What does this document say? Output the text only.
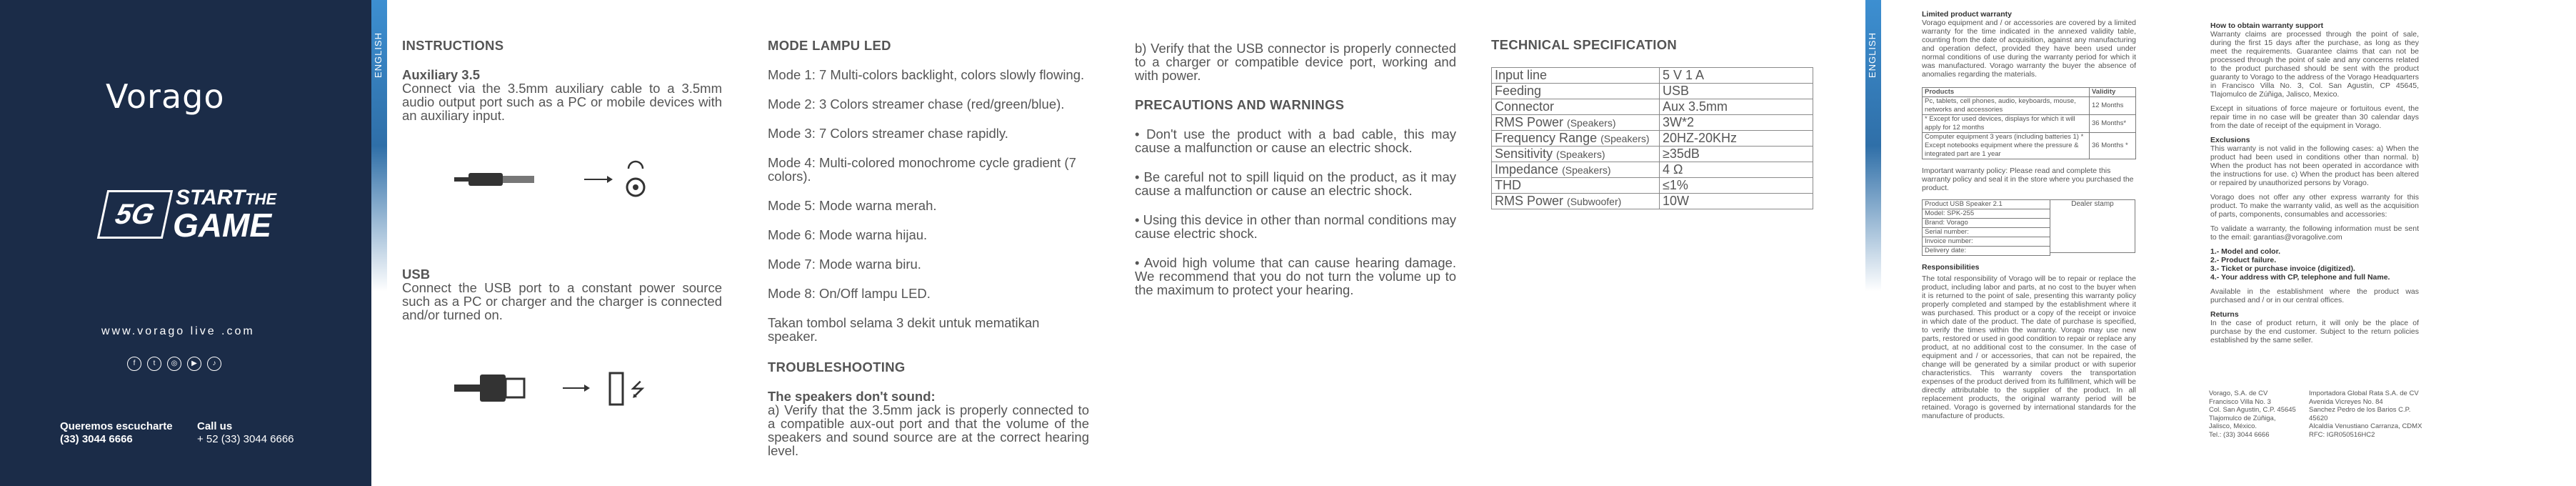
Vorago
5G
STARTTHE
GAME
www.vorago live .com
f	t	◎	▶	♪
Queremos escucharte
(33) 3044 6666
Call us
+ 52 (33) 3044 6666
ENGLISH INSTRUCTIONS
Auxiliary 3.5
Connect via the 3.5mm auxiliary cable to a 3.5mm audio output port such as a PC or mobile devices with an auxiliary input.
USB
Connect the USB port to a constant power source such as a PC or charger and the charger is connected and/or turned on.
⭍
MODE LAMPU LED

Mode 1: 7 Multi-colors backlight, colors slowly flowing.

Mode 2: 3 Colors streamer chase (red/green/blue).

Mode 3: 7 Colors streamer chase rapidly.

Mode 4: Multi-colored monochrome cycle gradient (7 colors).

Mode 5: Mode warna merah.

Mode 6: Mode warna hijau.

Mode 7: Mode warna biru.

Mode 8: On/Off lampu LED.

Takan tombol selama 3 dekit untuk mematikan speaker.

TROUBLESHOOTING
The speakers don't sound:
a) Verify that the 3.5mm jack is properly connected to a compatible aux-out port and that the volume of the speakers and sound source are at the correct hearing level.
b) Verify that the USB connector is properly connected to a charger or compatible device port, working and with power.
PRECAUTIONS AND WARNINGS

• Don't use the product with a bad cable, this may cause a malfunction or cause an electric shock.

• Be careful not to spill liquid on the product, as it may cause a malfunction or cause an electric shock.

• Using this device in other than normal conditions may cause electric shock.

• Avoid high volume that can cause hearing damage. We recommend that you do not turn the volume up to the maximum to protect your hearing.

TECHNICAL SPECIFICATION
Input line	5 V 1 A
Feeding	USB
Connector	Aux 3.5mm
RMS Power (Speakers)	3W*2
Frequency Range (Speakers)	20HZ-20KHz
Sensitivity (Speakers)	≥35dB
Impedance (Speakers)	4 Ω
THD	≤1%
RMS Power (Subwoofer)	10W
ENGLISH
Limited product warranty
Vorago equipment and / or accessories are covered by a limited warranty for the time indicated in the annexed validity table, counting from the date of acquisition, against any manufacturing and operation defect, provided they have been used under normal conditions of use during the warranty period for which it was manufactured. Vorago warranty the buyer the absence of anomalies regarding the materials.
Products	Validity
Pc, tablets, cell phones, audio, keyboards, mouse, networks and accessories	12 Months
* Except for used devices, displays for which it will apply for 12 months	36 Months*
Computer equipment 3 years (including batteries 1) * Except notebooks equipment where the pressure & integrated part are 1 year	36 Months *
Important warranty policy: Please read and complete this warranty policy and seal it in the store where you purchased the product.
Product USB Speaker 2.1
Model: SPK-255
Brand: Vorago
Serial number:
Invoice number:
Delivery date:
Dealer stamp
Responsibilities
The total responsibility of Vorago will be to repair or replace the product, including labor and parts, at no cost to the buyer when it is returned to the point of sale, presenting this warranty policy properly completed and stamped by the establishment where it was purchased. This product or a copy of the receipt or invoice in which date of the product. The date of purchase is specified, to verify the times within the warranty. Vorago may use new parts, restored or used in good condition to repair or replace any product, at no additional cost to the consumer. In the case of equipment and / or accessories, that can not be repaired, the change will be generated by a similar product or with superior characteristics. This warranty covers the transportation expenses of the product derived from its fulfillment, which will be directly attributable to the supplier of the product. In all replacement products, the original warranty period will be retained. Vorago is governed by international standards for the manufacture of products.
How to obtain warranty support

Warranty claims are processed through the point of sale, during the first 15 days after the purchase, as long as they meet the requirements. Guarantee claims that can not be processed through the point of sale and any concerns related to the product purchased should be sent with the product guaranty to Vorago to the address of the Vorago Headquarters in Francisco Villa No. 3, Col. San Agustin, CP 45645, Tlajomulco de Zúñiga, Jalisco, Mexico.

Except in situations of force majeure or fortuitous event, the repair time in no case will be greater than 30 calendar days from the date of receipt of the equipment in Vorago.

Exclusions

This warranty is not valid in the following cases: a) When the product had been used in conditions other than normal. b) When the product has not been operated in accordance with the instructions for use. c) When the product has been altered or repaired by unauthorized persons by Vorago.

Vorago does not offer any other express warranty for this product. To make the warranty valid, as well as the acquisition of parts, components, consumables and accessories:

To validate a warranty, the following information must be sent to the email: garantias@voragolive.com

1.- Model and color.
2.- Product failure.
3.- Ticket or purchase invoice (digitized).
4.- Your address with CP, telephone and full Name.

Available in the establishment where the product was purchased and / or in our central offices.

Returns

In the case of product return, it will only be the place of purchase by the end customer. Subject to the return policies established by the same seller.

Vorago, S.A. de CV
Francisco Villa No. 3
Col. San Agustin, C.P. 45645
Tlajomulco de Zúñiga,
Jalisco, México.
Tel.: (33) 3044 6666
Importadora Global Rata S.A. de CV
Avenida Vicreyes No. 84
Sanchez Pedro de los Barios C.P. 45620
Alcaldía Venustiano Carranza, CDMX
RFC: IGR050516HC2
